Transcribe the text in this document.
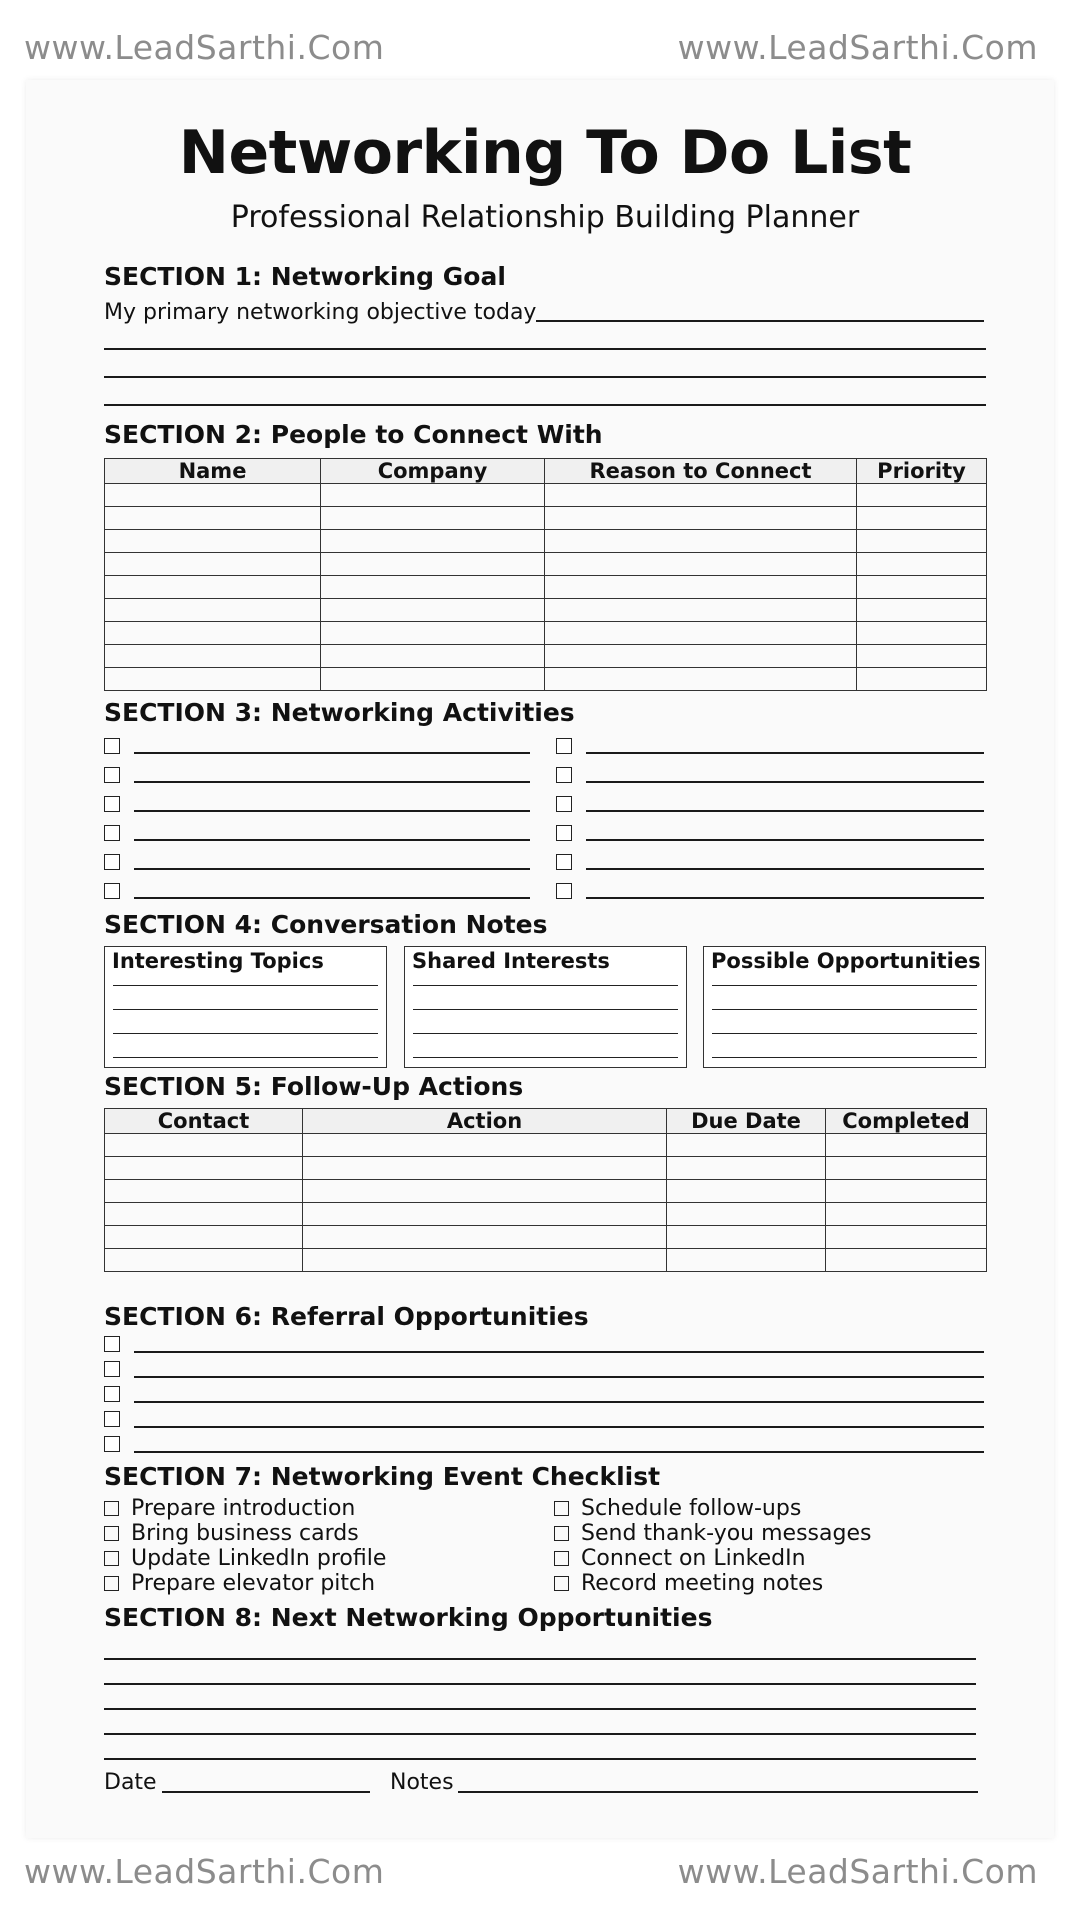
www.LeadSarthi.Com	www.LeadSarthi.Com
www.LeadSarthi.Com	www.LeadSarthi.Com
Networking To Do List
Professional Relationship Building Planner
SECTION 1: Networking Goal
My primary networking objective today
SECTION 2: People to Connect With
Name	Company	Reason to Connect	Priority

SECTION 3: Networking Activities
SECTION 4: Conversation Notes
Interesting Topics	Shared Interests	Possible Opportunities
SECTION 5: Follow-Up Actions
Contact	Action	Due Date	Completed

SECTION 6: Referral Opportunities
SECTION 7: Networking Event Checklist
Prepare introduction
Bring business cards
Update LinkedIn profile
Prepare elevator pitch
Schedule follow-ups
Send thank-you messages
Connect on LinkedIn
Record meeting notes
SECTION 8: Next Networking Opportunities
Date	Notes
